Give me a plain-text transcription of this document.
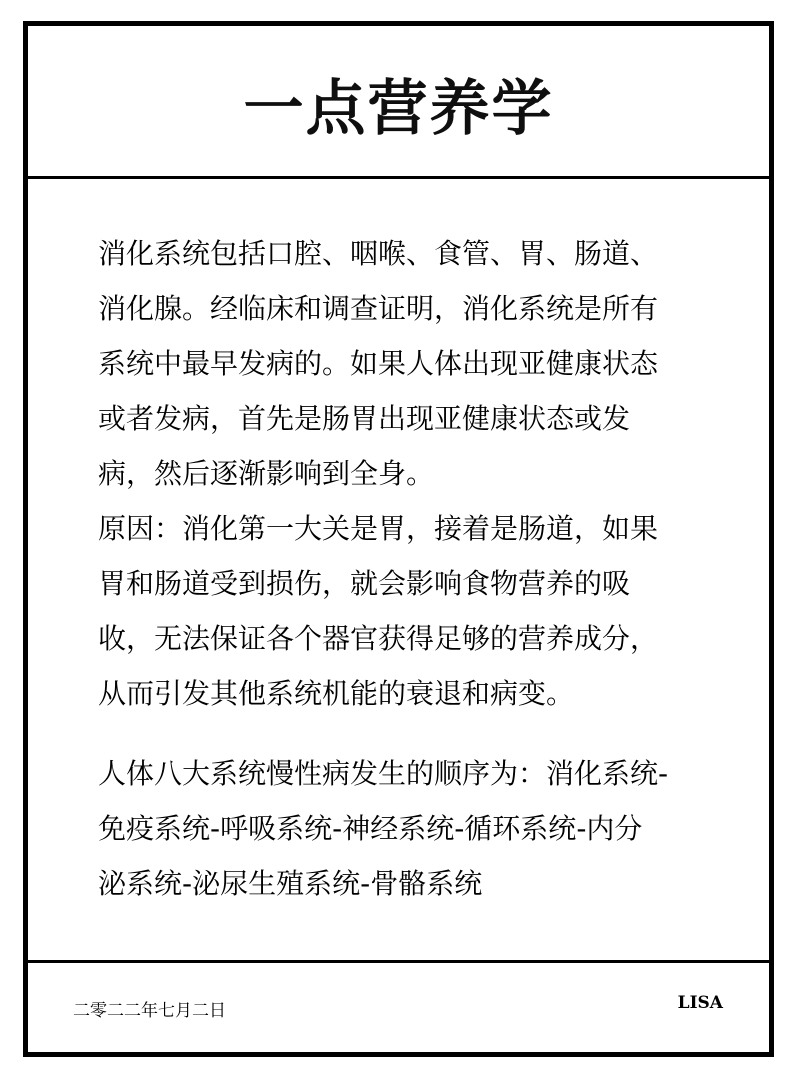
一点营养学

消化系统包括口腔、咽喉、食管、胃、肠道、

消化腺。经临床和调查证明，消化系统是所有

系统中最早发病的。如果人体出现亚健康状态

或者发病，首先是肠胃出现亚健康状态或发

病，然后逐渐影响到全身。

原因：消化第一大关是胃，接着是肠道，如果

胃和肠道受到损伤，就会影响食物营养的吸

收，无法保证各个器官获得足够的营养成分，

从而引发其他系统机能的衰退和病变。

人体八大系统慢性病发生的顺序为：消化系统-

免疫系统-呼吸系统-神经系统-循环系统-内分

泌系统-泌尿生殖系统-骨骼系统

二零二二年七月二日	LISA
